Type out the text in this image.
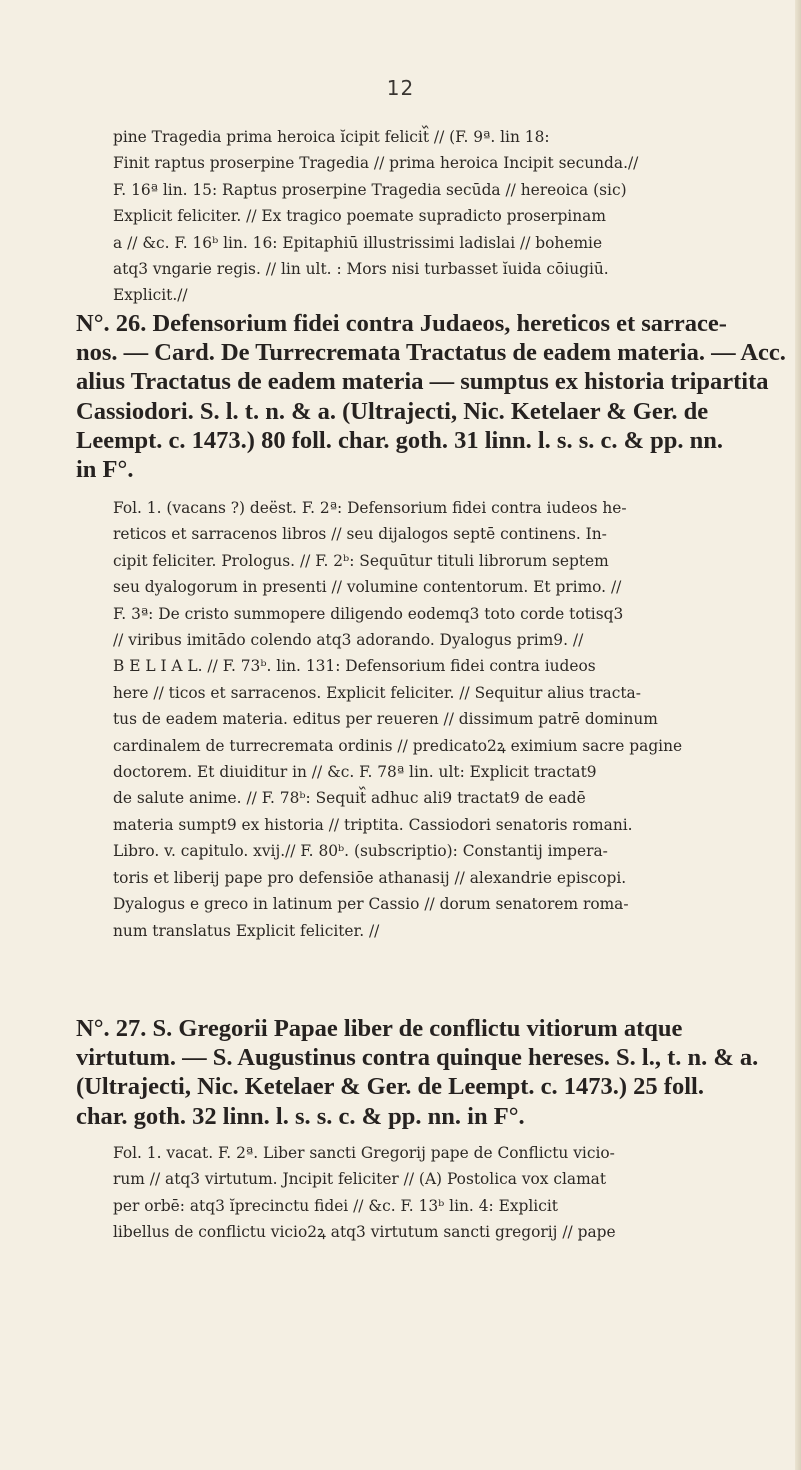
12
pine Tragedia prima heroica ĭcipit felicit᷈ // (F. 9ª. lin 18:
Finit raptus proserpine Tragedia // prima heroica Incipit secunda.//
F. 16ª lin. 15: Raptus proserpine Tragedia secūda // hereoica (sic)
Explicit feliciter. // Ex tragico poemate supradicto proserpinam
a // &c. F. 16ᵇ lin. 16: Epitaphiū illustrissimi ladislai // bohemie
atq3 vngarie regis. // lin ult. : Mors nisi turbasset ĭuida cōiugiū.
Explicit.//
N°. 26. Defensorium fidei contra Judaeos, hereticos et sarrace-
nos. — Card. De Turrecremata Tractatus de eadem materia. — Acc.
alius Tractatus de eadem materia — sumptus ex historia tripartita
Cassiodori. S. l. t. n. & a. (Ultrajecti, Nic. Ketelaer & Ger. de
Leempt. c. 1473.) 80 foll. char. goth. 31 linn. l. s. s. c. & pp. nn.
in F°.
Fol. 1. (vacans ?) deëst. F. 2ª: Defensorium fidei contra iudeos he-
reticos et sarracenos libros // seu dijalogos septē continens. In-
cipit feliciter. Prologus. // F. 2ᵇ: Sequūtur tituli librorum septem
seu dyalogorum in presenti // volumine contentorum. Et primo. //
F. 3ª: De cristo summopere diligendo eodemq3 toto corde totisq3
// viribus imitādo colendo atq3 adorando. Dyalogus prim9. //
B E L I A L. // F. 73ᵇ. lin. 131: Defensorium fidei contra iudeos
here // ticos et sarracenos. Explicit feliciter. // Sequitur alius tracta-
tus de eadem materia. editus per reueren // dissimum patrē dominum
cardinalem de turrecremata ordinis // predicato2ꝝ eximium sacre pagine
doctorem. Et diuiditur in // &c. F. 78ª lin. ult: Explicit tractat9
de salute anime. // F. 78ᵇ: Sequit᷈ adhuc ali9 tractat9 de eadē
materia sumpt9 ex historia // triptita. Cassiodori senatoris romani.
Libro. v. capitulo. xvij.// F. 80ᵇ. (subscriptio): Constantij impera-
toris et liberij pape pro defensiōe athanasij // alexandrie episcopi.
Dyalogus e greco in latinum per Cassio // dorum senatorem roma-
num translatus Explicit feliciter. //
N°. 27. S. Gregorii Papae liber de conflictu vitiorum atque
virtutum. — S. Augustinus contra quinque hereses. S. l., t. n. & a.
(Ultrajecti, Nic. Ketelaer & Ger. de Leempt. c. 1473.) 25 foll.
char. goth. 32 linn. l. s. s. c. & pp. nn. in F°.
Fol. 1. vacat. F. 2ª. Liber sancti Gregorij pape de Conflictu vicio-
rum // atq3 virtutum. Jncipit feliciter // (A) Postolica vox clamat
per orbē: atq3 ĭprecinctu fidei // &c. F. 13ᵇ lin. 4: Explicit
libellus de conflictu vicio2ꝝ atq3 virtutum sancti gregorij // pape
